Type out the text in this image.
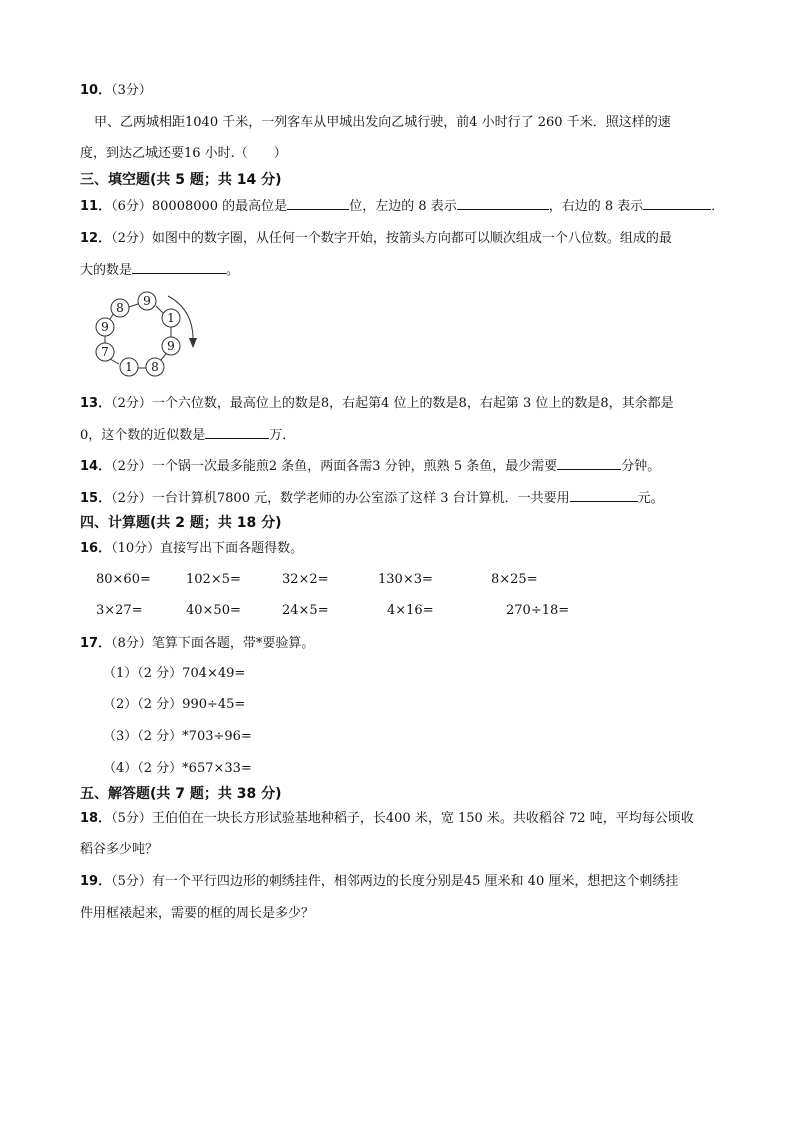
10．（3分）
甲、乙两城相距1040 千米，一列客车从甲城出发向乙城行驶，前4 小时行了 260 千米．照这样的速
度，到达乙城还要16 小时.（　　）
三、填空题(共 5 题；共 14 分)
11．（6分）80008000 的最高位是	位，左边的 8 表示	，右边的 8 表示	．
12．（2分）如图中的数字圈，从任何一个数字开始，按箭头方向都可以顺次组成一个八位数。组成的最
大的数是	。
8 9
1
9
8
1
7
9
13．（2分）一个六位数，最高位上的数是8，右起第4 位上的数是8，右起第 3 位上的数是8，其余都是
0，这个数的近似数是	万．
14．（2分）一个锅一次最多能煎2 条鱼，两面各需3 分钟，煎熟 5 条鱼，最少需要	分钟。
15．（2分）一台计算机7800 元，数学老师的办公室添了这样 3 台计算机．一共要用	元。
四、计算题(共 2 题；共 18 分)
16．（10分）直接写出下面各题得数。
80×60=	102×5=	32×2=	130×3=	8×25=
3×27=	40×50=	24×5=	4×16=	270÷18=
17．（8分）笔算下面各题，带*要验算。
（1）（2 分）704×49=
（2）（2 分）990÷45=
（3）（2 分）*703÷96=
（4）（2 分）*657×33=
五、解答题(共 7 题；共 38 分)
18．（5分）王伯伯在一块长方形试验基地种稻子，长400 米，宽 150 米。共收稻谷 72 吨，平均每公顷收
稻谷多少吨？
19．（5分）有一个平行四边形的刺绣挂件，相邻两边的长度分别是45 厘米和 40 厘米，想把这个刺绣挂
件用框裱起来，需要的框的周长是多少？
